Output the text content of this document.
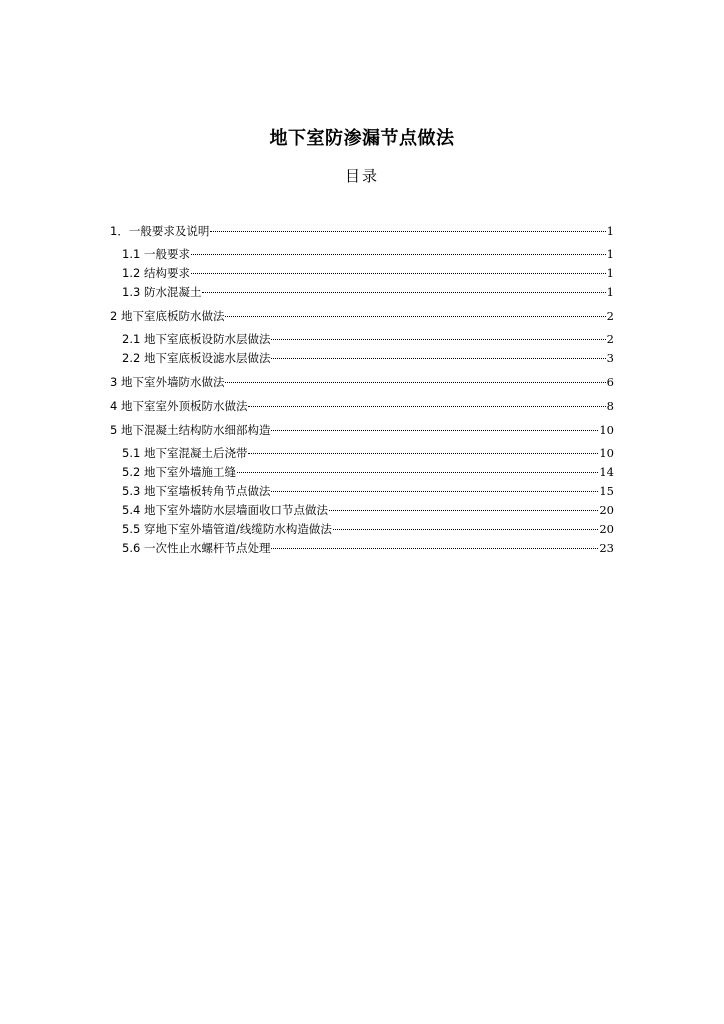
地下室防渗漏节点做法
目录
1．一般要求及说明	1
1.1 一般要求	1
1.2 结构要求	1
1.3 防水混凝土	1
2 地下室底板防水做法	2
2.1 地下室底板设防水层做法	2
2.2 地下室底板设滤水层做法	3
3 地下室外墙防水做法	6
4 地下室室外顶板防水做法	8
5 地下混凝土结构防水细部构造	10
5.1 地下室混凝土后浇带	10
5.2 地下室外墙施工缝	14
5.3 地下室墙板转角节点做法	15
5.4 地下室外墙防水层墙面收口节点做法	20
5.5 穿地下室外墙管道/线缆防水构造做法	20
5.6 一次性止水螺杆节点处理	23
